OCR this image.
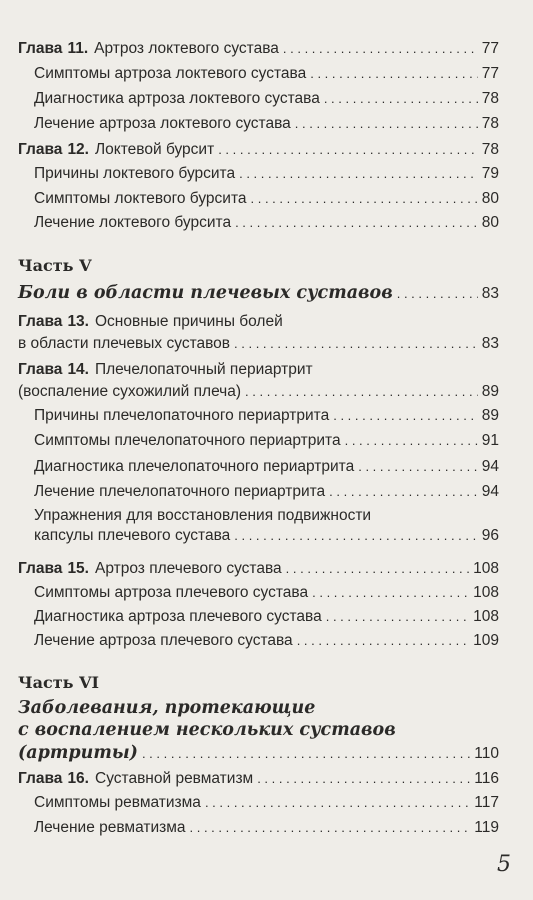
Глава 11. Артроз локтевого сустава . . .	77
Симптомы артроза локтевого сустава . . .	77
Диагностика артроза локтевого сустава . . .	78
Лечение артроза локтевого сустава . . .	78
Глава 12. Локтевой бурсит . . .	78
Причины локтевого бурсита . . .	79
Симптомы локтевого бурсита . . .	80
Лечение локтевого бурсита . . .	80
Часть V
Боли в области плечевых суставов . . .	83
Глава 13. Основные причины болей
в области плечевых суставов . . .	83
Глава 14. Плечелопаточный периартрит
(воспаление сухожилий плеча) . . .	89
Причины плечелопаточного периартрита . . .	89
Симптомы плечелопаточного периартрита . . .	91
Диагностика плечелопаточного периартрита . . .	94
Лечение плечелопаточного периартрита . . .	94
Упражнения для восстановления подвижности
капсулы плечевого сустава . . .	96
Глава 15. Артроз плечевого сустава . . .	108
Симптомы артроза плечевого сустава . . .	108
Диагностика артроза плечевого сустава . . .	108
Лечение артроза плечевого сустава . . .	109
Часть VI
Заболевания, протекающие
с воспалением нескольких суставов
(артриты) . . .	110
Глава 16. Суставной ревматизм . . .	116
Симптомы ревматизма . . .	117
Лечение ревматизма . . .	119
5
